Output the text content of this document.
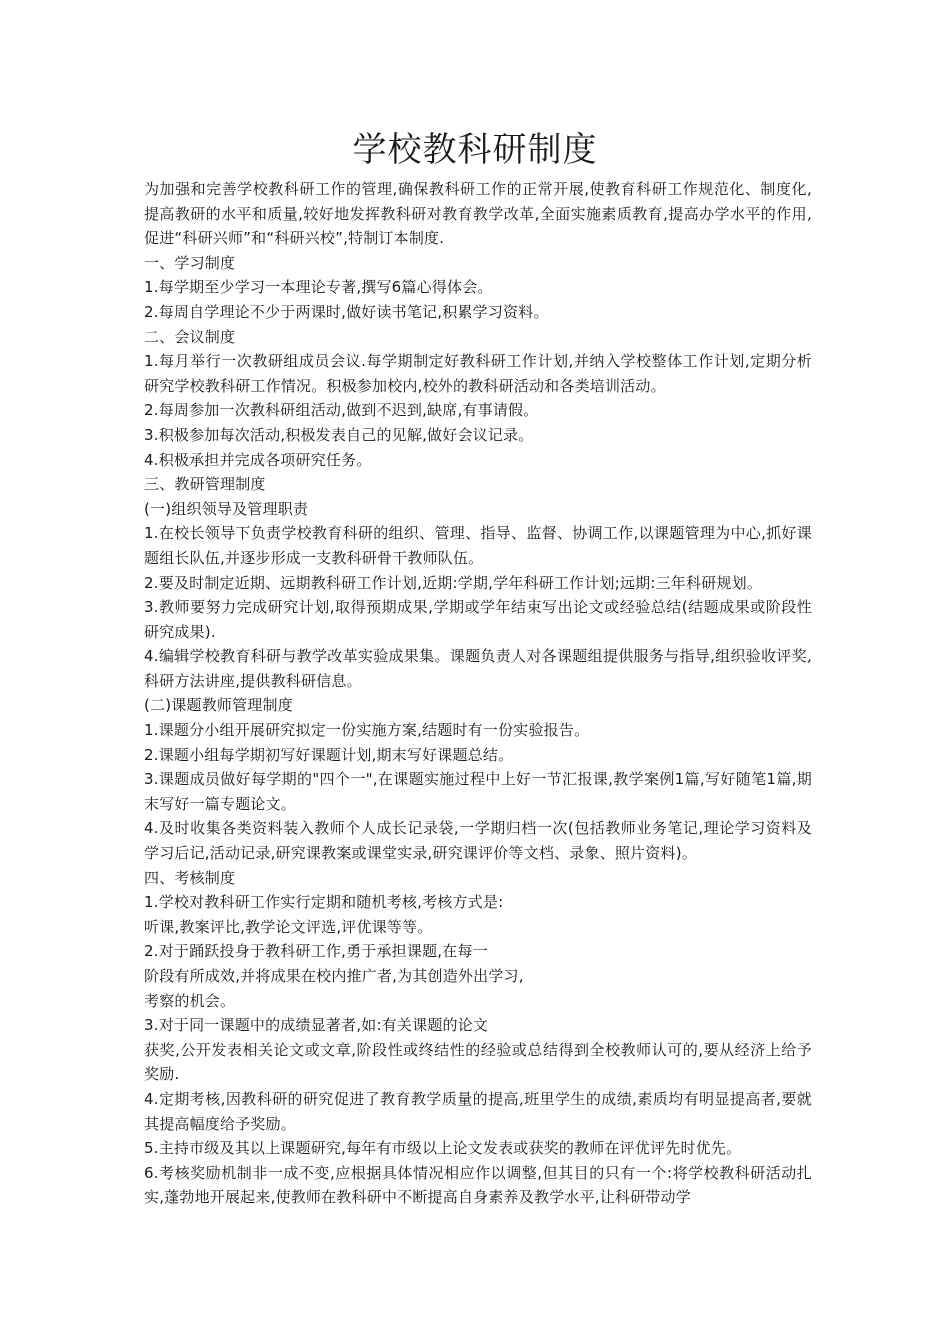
学校教科研制度

为加强和完善学校教科研工作的管理,确保教科研工作的正常开展,使教育科研工作规范化、制度化,提高教研的水平和质量,较好地发挥教科研对教育教学改革,全面实施素质教育,提高办学水平的作用,促进“科研兴师”和“科研兴校”,特制订本制度.

一、学习制度

1.每学期至少学习一本理论专著,撰写6篇心得体会。

2.每周自学理论不少于两课时,做好读书笔记,积累学习资料。

二、会议制度

1.每月举行一次教研组成员会议.每学期制定好教科研工作计划,并纳入学校整体工作计划,定期分析研究学校教科研工作情况。积极参加校内,校外的教科研活动和各类培训活动。

2.每周参加一次教科研组活动,做到不迟到,缺席,有事请假。

3.积极参加每次活动,积极发表自己的见解,做好会议记录。

4.积极承担并完成各项研究任务。

三、教研管理制度

(一)组织领导及管理职责

1.在校长领导下负责学校教育科研的组织、管理、指导、监督、协调工作,以课题管理为中心,抓好课题组长队伍,并逐步形成一支教科研骨干教师队伍。

2.要及时制定近期、远期教科研工作计划,近期:学期,学年科研工作计划;远期:三年科研规划。

3.教师要努力完成研究计划,取得预期成果,学期或学年结束写出论文或经验总结(结题成果或阶段性研究成果).

4.编辑学校教育科研与教学改革实验成果集。课题负责人对各课题组提供服务与指导,组织验收评奖,科研方法讲座,提供教科研信息。

(二)课题教师管理制度

1.课题分小组开展研究拟定一份实施方案,结题时有一份实验报告。

2.课题小组每学期初写好课题计划,期末写好课题总结。

3.课题成员做好每学期的"四个一",在课题实施过程中上好一节汇报课,教学案例1篇,写好随笔1篇,期末写好一篇专题论文。

4.及时收集各类资料装入教师个人成长记录袋,一学期归档一次(包括教师业务笔记,理论学习资料及学习后记,活动记录,研究课教案或课堂实录,研究课评价等文档、录象、照片资料)。

四、考核制度

1.学校对教科研工作实行定期和随机考核,考核方式是:

听课,教案评比,教学论文评选,评优课等等。

2.对于踊跃投身于教科研工作,勇于承担课题,在每一

阶段有所成效,并将成果在校内推广者,为其创造外出学习,

考察的机会。

3.对于同一课题中的成绩显著者,如:有关课题的论文

获奖,公开发表相关论文或文章,阶段性或终结性的经验或总结得到全校教师认可的,要从经济上给予奖励.

4.定期考核,因教科研的研究促进了教育教学质量的提高,班里学生的成绩,素质均有明显提高者,要就其提高幅度给予奖励。

5.主持市级及其以上课题研究,每年有市级以上论文发表或获奖的教师在评优评先时优先。

6.考核奖励机制非一成不变,应根据具体情况相应作以调整,但其目的只有一个:将学校教科研活动扎实,蓬勃地开展起来,使教师在教科研中不断提高自身素养及教学水平,让科研带动学
